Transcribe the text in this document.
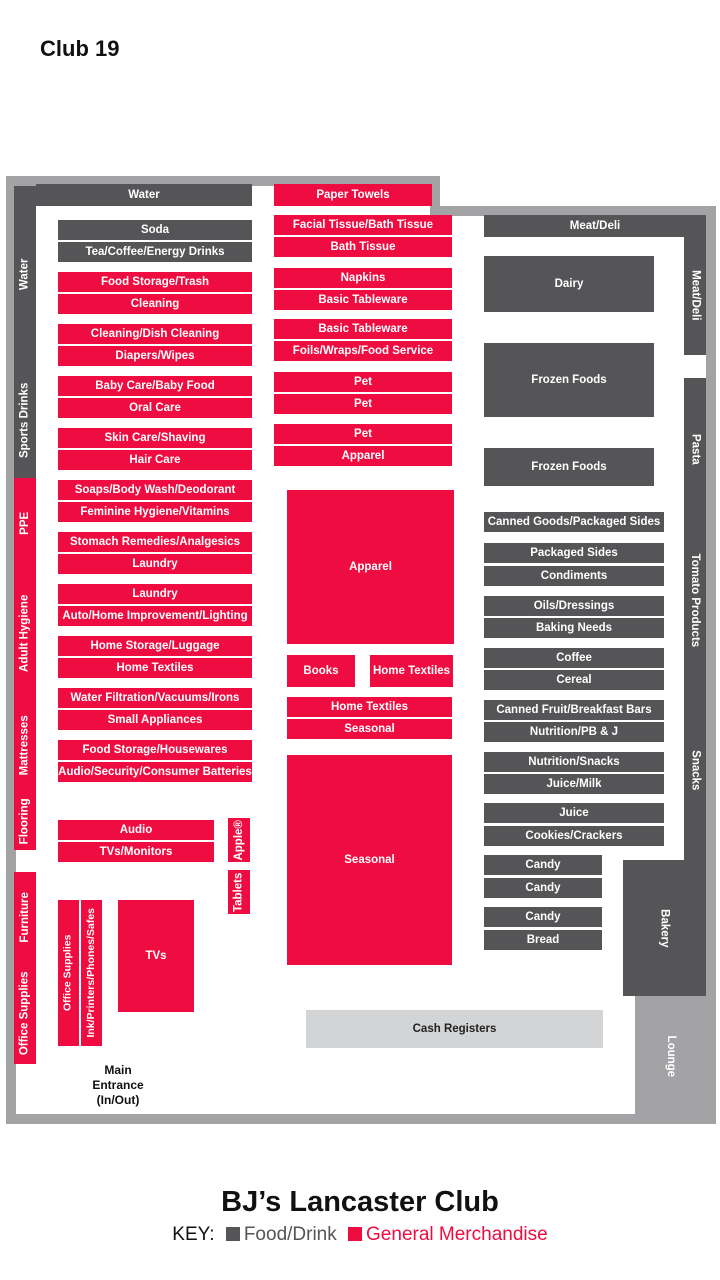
Club 19
Water
Sports Drinks
PPE
Adult Hygiene
Mattresses
Flooring
Furniture
Office Supplies
Water	Paper Towels
Soda
Tea/Coffee/Energy Drinks
Food Storage/Trash
Cleaning
Cleaning/Dish Cleaning
Diapers/Wipes
Baby Care/Baby Food
Oral Care
Skin Care/Shaving
Hair Care
Soaps/Body Wash/Deodorant
Feminine Hygiene/Vitamins
Stomach Remedies/Analgesics
Laundry
Laundry
Auto/Home Improvement/Lighting
Home Storage/Luggage
Home Textiles
Water Filtration/Vacuums/Irons
Small Appliances
Food Storage/Housewares
Audio/Security/Consumer Batteries
Audio
TVs/Monitors	Apple®
Tablets
Office Supplies Ink/Printers/Phones/Safes	TVs
Main Entrance (In/Out)
Facial Tissue/Bath Tissue
Bath Tissue
Napkins
Basic Tableware
Basic Tableware
Foils/Wraps/Food Service
Pet
Pet
Pet
Apparel
Apparel
Books	Home Textiles
Home Textiles
Seasonal
Seasonal
Cash Registers
Meat/Deli
Meat/Deli
Dairy
Frozen Foods
Frozen Foods
Pasta
Tomato Products
Snacks
Bakery
Lounge
Canned Goods/Packaged Sides
Packaged Sides
Condiments
Oils/Dressings
Baking Needs
Coffee
Cereal
Canned Fruit/Breakfast Bars
Nutrition/PB & J
Nutrition/Snacks
Juice/Milk
Juice
Cookies/Crackers
Candy
Candy
Candy
Bread
BJ’s Lancaster Club
KEY: Food/Drink General Merchandise
